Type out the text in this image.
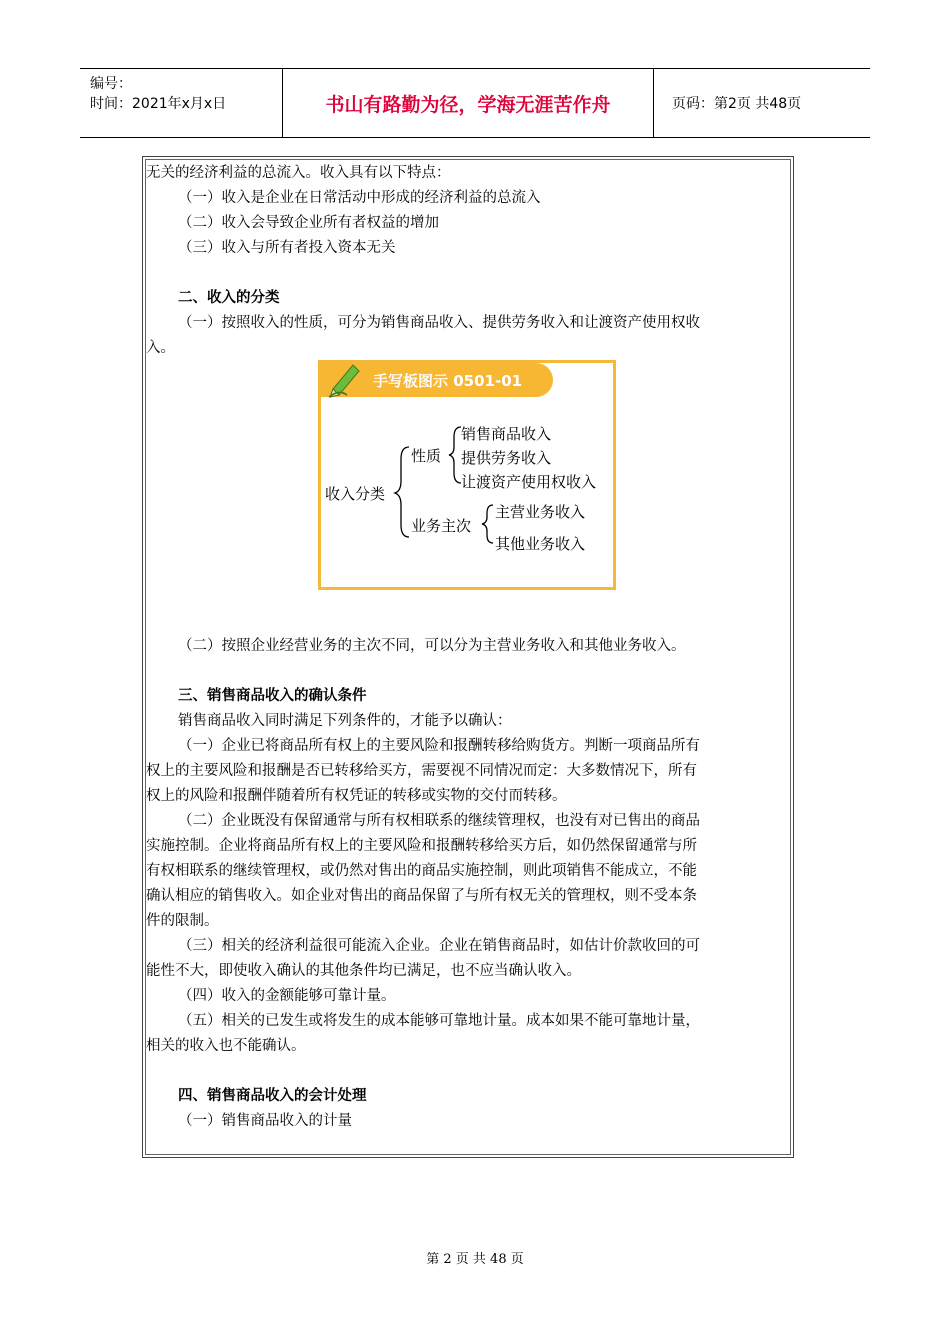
编号：
时间：2021年x月x日	书山有路勤为径，学海无涯苦作舟	页码：第2页 共48页
无关的经济利益的总流入。收入具有以下特点：
（一）收入是企业在日常活动中形成的经济利益的总流入
（二）收入会导致企业所有者权益的增加
（三）收入与所有者投入资本无关
二、收入的分类
（一）按照收入的性质，可分为销售商品收入、提供劳务收入和让渡资产使用权收
入。
手写板图示 0501-01
收入分类
性质
销售商品收入
提供劳务收入
让渡资产使用权收入
业务主次
主营业务收入
其他业务收入
（二）按照企业经营业务的主次不同，可以分为主营业务收入和其他业务收入。
三、销售商品收入的确认条件
销售商品收入同时满足下列条件的，才能予以确认：
（一）企业已将商品所有权上的主要风险和报酬转移给购货方。判断一项商品所有
权上的主要风险和报酬是否已转移给买方，需要视不同情况而定：大多数情况下，所有
权上的风险和报酬伴随着所有权凭证的转移或实物的交付而转移。
（二）企业既没有保留通常与所有权相联系的继续管理权，也没有对已售出的商品
实施控制。企业将商品所有权上的主要风险和报酬转移给买方后，如仍然保留通常与所
有权相联系的继续管理权，或仍然对售出的商品实施控制，则此项销售不能成立，不能
确认相应的销售收入。如企业对售出的商品保留了与所有权无关的管理权，则不受本条
件的限制。
（三）相关的经济利益很可能流入企业。企业在销售商品时，如估计价款收回的可
能性不大，即使收入确认的其他条件均已满足，也不应当确认收入。
（四）收入的金额能够可靠计量。
（五）相关的已发生或将发生的成本能够可靠地计量。成本如果不能可靠地计量，
相关的收入也不能确认。
四、销售商品收入的会计处理
（一）销售商品收入的计量
第 2 页 共 48 页
